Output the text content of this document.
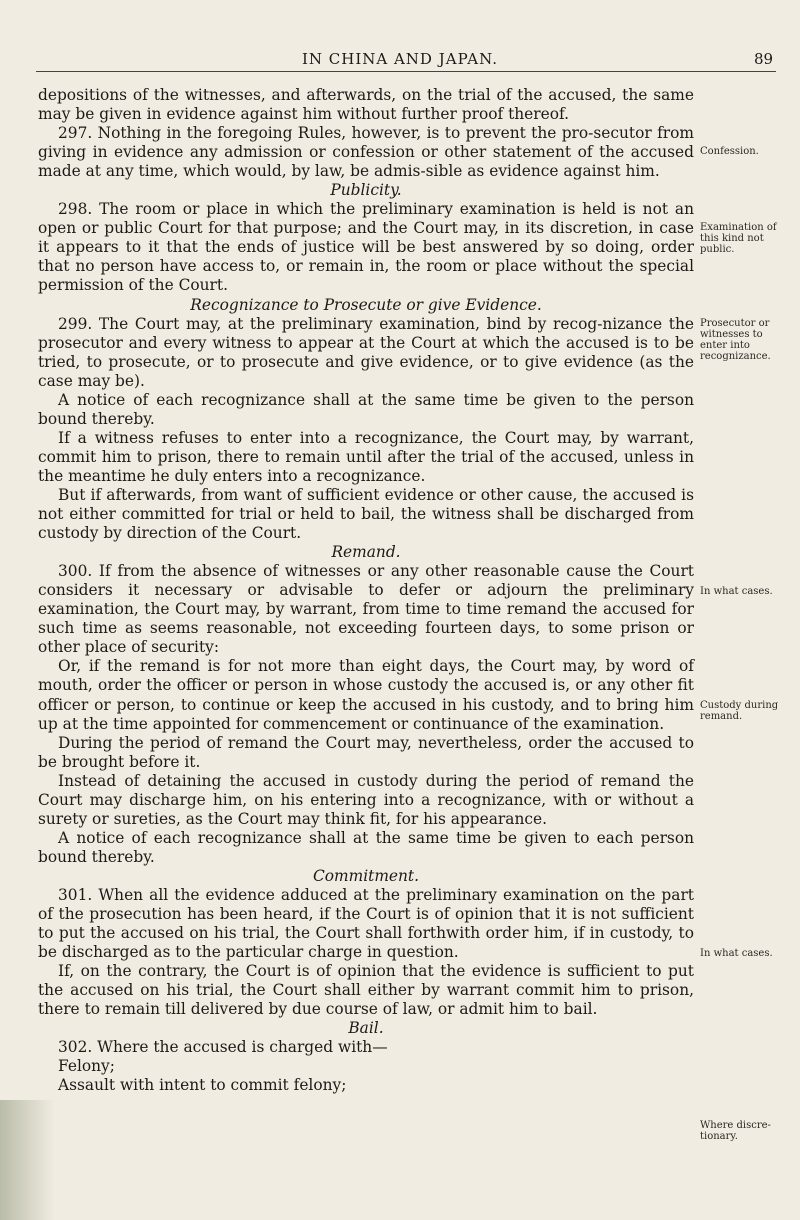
IN CHINA AND JAPAN.	89

depositions of the witnesses, and afterwards, on the trial of the accused, the same may be given in evidence against him without further proof thereof.

297. Nothing in the foregoing Rules, however, is to prevent the pro-secutor from giving in evidence any admission or confession or other statement of the accused made at any time, which would, by law, be admis-sible as evidence against him.

Publicity.

298. The room or place in which the preliminary examination is held is not an open or public Court for that purpose; and the Court may, in its discretion, in case it appears to it that the ends of justice will be best answered by so doing, order that no person have access to, or remain in, the room or place without the special permission of the Court.

Recognizance to Prosecute or give Evidence.

299. The Court may, at the preliminary examination, bind by recog-nizance the prosecutor and every witness to appear at the Court at which the accused is to be tried, to prosecute, or to prosecute and give evidence, or to give evidence (as the case may be).

A notice of each recognizance shall at the same time be given to the person bound thereby.

If a witness refuses to enter into a recognizance, the Court may, by warrant, commit him to prison, there to remain until after the trial of the accused, unless in the meantime he duly enters into a recognizance.

But if afterwards, from want of sufficient evidence or other cause, the accused is not either committed for trial or held to bail, the witness shall be discharged from custody by direction of the Court.

Remand.

300. If from the absence of witnesses or any other reasonable cause the Court considers it necessary or advisable to defer or adjourn the preliminary examination, the Court may, by warrant, from time to time remand the accused for such time as seems reasonable, not exceeding fourteen days, to some prison or other place of security:

Or, if the remand is for not more than eight days, the Court may, by word of mouth, order the officer or person in whose custody the accused is, or any other fit officer or person, to continue or keep the accused in his custody, and to bring him up at the time appointed for commencement or continuance of the examination.

During the period of remand the Court may, nevertheless, order the accused to be brought before it.

Instead of detaining the accused in custody during the period of remand the Court may discharge him, on his entering into a recognizance, with or without a surety or sureties, as the Court may think fit, for his appearance.

A notice of each recognizance shall at the same time be given to each person bound thereby.

Commitment.

301. When all the evidence adduced at the preliminary examination on the part of the prosecution has been heard, if the Court is of opinion that it is not sufficient to put the accused on his trial, the Court shall forthwith order him, if in custody, to be discharged as to the particular charge in question.

If, on the contrary, the Court is of opinion that the evidence is sufficient to put the accused on his trial, the Court shall either by warrant commit him to prison, there to remain till delivered by due course of law, or admit him to bail.

Bail.

302. Where the accused is charged with—

Felony;

Assault with intent to commit felony;

Confession.
Examination of this kind not public.
Prosecutor or witnesses to enter into recognizance.
In what cases.
Custody during remand.
In what cases.
Where discre-tionary.
